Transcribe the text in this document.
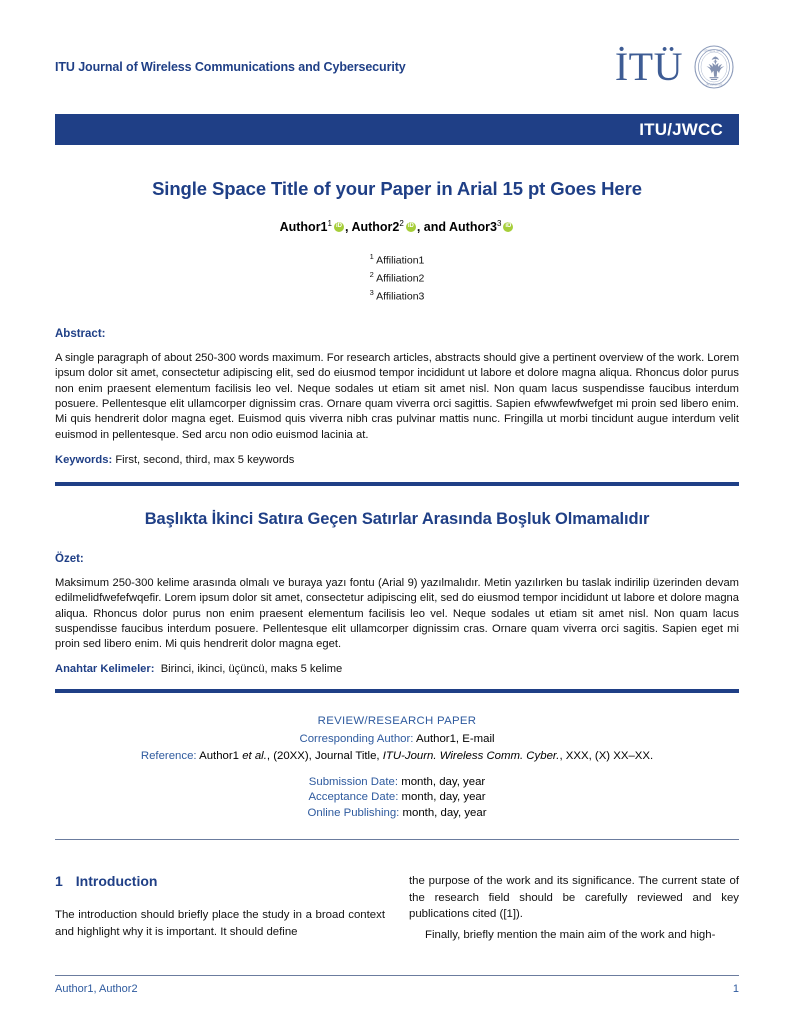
ITU Journal of Wireless Communications and Cybersecurity	İTÜ	İSTANBUL TEKNİK
ÜNİVERSİTESİ
ITU/JWCC
Single Space Title of your Paper in Arial 15 pt Goes Here
$Author1^1$ iD , $Author2^2$ iD , and $Author3^3iD$
$^1$ Affiliation1
$^2$ Affiliation2
$^3$ Affiliation3
Abstract:
A single paragraph of about 250-300 words maximum. For research articles, abstracts should give a pertinent overview of the work. Lorem ipsum dolor sit amet, consectetur adipiscing elit, sed do eiusmod tempor incididunt ut labore et dolore magna aliqua. Rhoncus dolor purus non enim praesent elementum facilisis leo vel. Neque sodales ut etiam sit amet nisl. Non quam lacus suspendisse faucibus interdum posuere. Pellentesque elit ullamcorper dignissim cras. Ornare quam viverra orci sagittis. Sapien efwwfewfwefget mi proin sed libero enim. Mi quis hendrerit dolor magna eget. Euismod quis viverra nibh cras pulvinar mattis nunc. Fringilla ut morbi tincidunt augue interdum velit euismod in pellentesque. Sed arcu non odio euismod lacinia at.
Keywords: First, second, third, max 5 keywords
Başlıkta İkinci Satıra Geçen Satırlar Arasında Boşluk Olmamalıdır
Özet:
Maksimum 250-300 kelime arasında olmalı ve buraya yazı fontu (Arial 9) yazılmalıdır. Metin yazılırken bu taslak indirilip üzerinden devam edilmelidfwefefwqefir. Lorem ipsum dolor sit amet, consectetur adipiscing elit, sed do eiusmod tempor incididunt ut labore et dolore magna aliqua. Rhoncus dolor purus non enim praesent elementum facilisis leo vel. Neque sodales ut etiam sit amet nisl. Non quam lacus suspendisse faucibus interdum posuere. Pellentesque elit ullamcorper dignissim cras. Ornare quam viverra orci sagitis. Sapien eget mi proin sed libero enim. Mi quis hendrerit dolor magna eget.
Anahtar Kelimeler: Birinci, ikinci, üçüncü, maks 5 kelime
REVIEW/RESEARCH PAPER
Corresponding Author: Author1, E-mail
Reference: Author1 et al., (20XX), Journal Title, ITU-Journ. Wireless Comm. Cyber., XXX, (X) XX–XX.
Submission Date: month, day, year
Acceptance Date: month, day, year
Online Publishing: month, day, year
1 Introduction
The introduction should briefly place the study in a broad context and highlight why it is important. It should define
the purpose of the work and its significance. The current state of the research field should be carefully reviewed and key publications cited ([1]).
Finally, briefly mention the main aim of the work and high-
Author1, Author2	1
